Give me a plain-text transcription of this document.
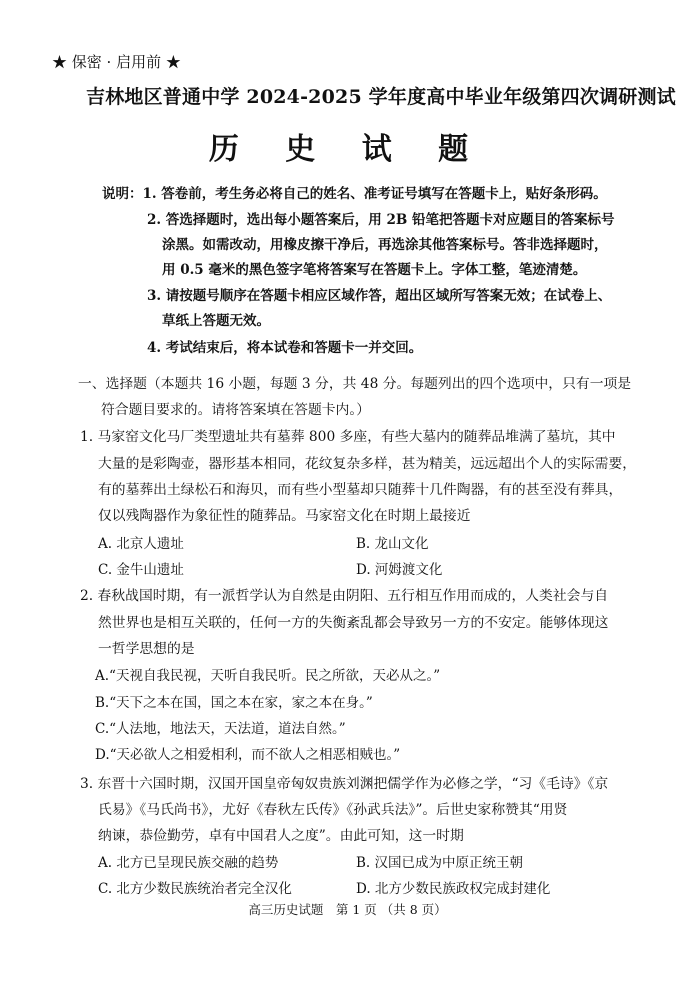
★ 保密 · 启用前 ★
吉林地区普通中学 2024-2025 学年度高中毕业年级第四次调研测试
历 史 试 题
说明：1. 答卷前，考生务必将自己的姓名、准考证号填写在答题卡上，贴好条形码。
2. 答选择题时，选出每小题答案后，用 2B 铅笔把答题卡对应题目的答案标号
涂黑。如需改动，用橡皮擦干净后，再选涂其他答案标号。答非选择题时，
用 0.5 毫米的黑色签字笔将答案写在答题卡上。字体工整，笔迹清楚。
3. 请按题号顺序在答题卡相应区域作答，超出区域所写答案无效；在试卷上、
草纸上答题无效。
4. 考试结束后，将本试卷和答题卡一并交回。
一、选择题（本题共 16 小题，每题 3 分，共 48 分。每题列出的四个选项中，只有一项是
符合题目要求的。请将答案填在答题卡内。）
1. 马家窑文化马厂类型遗址共有墓葬 800 多座，有些大墓内的随葬品堆满了墓坑，其中
大量的是彩陶壶，器形基本相同，花纹复杂多样，甚为精美，远远超出个人的实际需要，
有的墓葬出土绿松石和海贝，而有些小型墓却只随葬十几件陶器，有的甚至没有葬具，
仅以残陶器作为象征性的随葬品。马家窑文化在时期上最接近
A. 北京人遗址	B. 龙山文化
C. 金牛山遗址	D. 河姆渡文化
2. 春秋战国时期，有一派哲学认为自然是由阴阳、五行相互作用而成的，人类社会与自
然世界也是相互关联的，任何一方的失衡紊乱都会导致另一方的不安定。能够体现这
一哲学思想的是
A.“天视自我民视，天听自我民听。民之所欲，天必从之。”
B.“天下之本在国，国之本在家，家之本在身。”
C.“人法地，地法天，天法道，道法自然。”
D.“天必欲人之相爱相利，而不欲人之相恶相贼也。”
3. 东晋十六国时期，汉国开国皇帝匈奴贵族刘渊把儒学作为必修之学，“习《毛诗》《京
氏易》《马氏尚书》，尤好《春秋左氏传》《孙武兵法》”。后世史家称赞其“用贤
纳谏，恭俭勤劳，卓有中国君人之度”。由此可知，这一时期
A. 北方已呈现民族交融的趋势	B. 汉国已成为中原正统王朝
C. 北方少数民族统治者完全汉化	D. 北方少数民族政权完成封建化
高三历史试题　第 1 页 （共 8 页）
